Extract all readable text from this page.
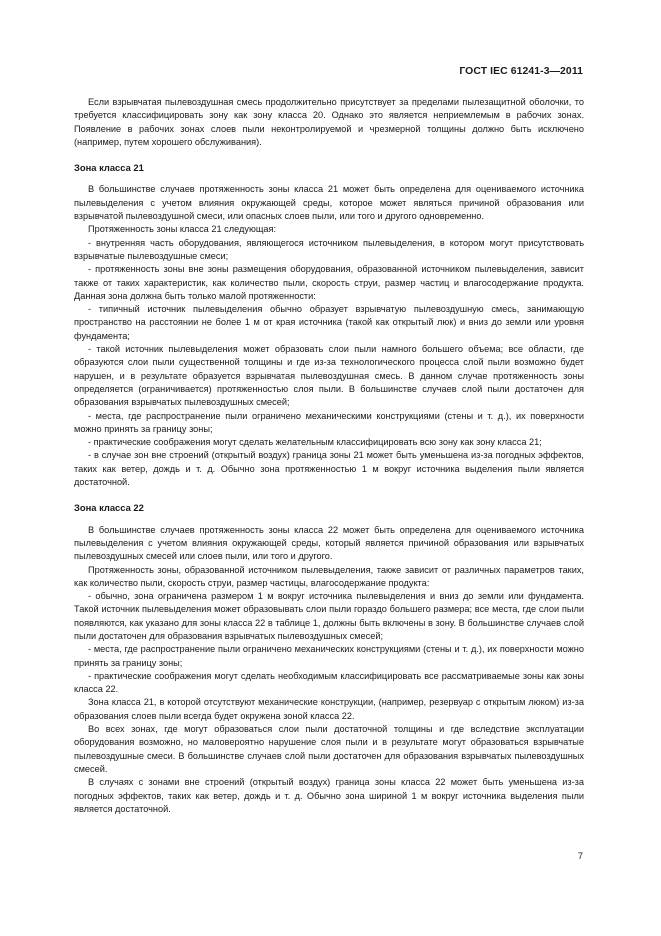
ГОСТ IEC 61241-3—2011

Если взрывчатая пылевоздушная смесь продолжительно присутствует за пределами пылезащитной оболочки, то требуется классифицировать зону как зону класса 20. Однако это является неприемлемым в рабочих зонах. Появление в рабочих зонах слоев пыли неконтролируемой и чрезмерной толщины должно быть исключено (например, путем хорошего обслуживания).

Зона класса 21

В большинстве случаев протяженность зоны класса 21 может быть определена для оцениваемого источника пылевыделения с учетом влияния окружающей среды, которое может являться причиной образования или взрывчатой пылевоздушной смеси, или опасных слоев пыли, или того и другого одновременно.

Протяженность зоны класса 21 следующая:

- внутренняя часть оборудования, являющегося источником пылевыделения, в котором могут присутствовать взрывчатые пылевоздушные смеси;

- протяженность зоны вне зоны размещения оборудования, образованной источником пылевыделения, зависит также от таких характеристик, как количество пыли, скорость струи, размер частиц и влагосодержание продукта. Данная зона должна быть только малой протяженности:

- типичный источник пылевыделения обычно образует взрывчатую пылевоздушную смесь, занимающую пространство на расстоянии не более 1 м от края источника (такой как открытый люк) и вниз до земли или уровня фундамента;

- такой источник пылевыделения может образовать слои пыли намного большего объема; все области, где образуются слои пыли существенной толщины и где из-за технологического процесса слой пыли возможно будет нарушен, и в результате образуется взрывчатая пылевоздушная смесь. В данном случае протяженность зоны определяется (ограничивается) протяженностью слоя пыли. В большинстве случаев слой пыли достаточен для образования взрывчатых пылевоздушных смесей;

- места, где распространение пыли ограничено механическими конструкциями (стены и т. д.), их поверхности можно принять за границу зоны;

- практические соображения могут сделать желательным классифицировать всю зону как зону класса 21;

- в случае зон вне строений (открытый воздух) граница зоны 21 может быть уменьшена из-за погодных эффектов, таких как ветер, дождь и т. д. Обычно зона протяженностью 1 м вокруг источника выделения пыли является достаточной.

Зона класса 22

В большинстве случаев протяженность зоны класса 22 может быть определена для оцениваемого источника пылевыделения с учетом влияния окружающей среды, который является причиной образования или взрывчатых пылевоздушных смесей или слоев пыли, или того и другого.

Протяженность зоны, образованной источником пылевыделения, также зависит от различных параметров таких, как количество пыли, скорость струи, размер частицы, влагосодержание продукта:

- обычно, зона ограничена размером 1 м вокруг источника пылевыделения и вниз до земли или фундамента. Такой источник пылевыделения может образовывать слои пыли гораздо большего размера; все места, где слои пыли появляются, как указано для зоны класса 22 в таблице 1, должны быть включены в зону. В большинстве случаев слой пыли достаточен для образования взрывчатых пылевоздушных смесей;

- места, где распространение пыли ограничено механических конструкциями (стены и т. д.), их поверхности можно принять за границу зоны;

- практические соображения могут сделать необходимым классифицировать все рассматриваемые зоны как зоны класса 22.

Зона класса 21, в которой отсутствуют механические конструкции, (например, резервуар с открытым люком) из-за образования слоев пыли всегда будет окружена зоной класса 22.

Во всех зонах, где могут образоваться слои пыли достаточной толщины и где вследствие эксплуатации оборудования возможно, но маловероятно нарушение слоя пыли и в результате могут образоваться взрывчатые пылевоздушные смеси. В большинстве случаев слой пыли достаточен для образования взрывчатых пылевоздушных смесей.

В случаях с зонами вне строений (открытый воздух) граница зоны класса 22 может быть уменьшена из-за погодных эффектов, таких как ветер, дождь и т. д. Обычно зона шириной 1 м вокруг источника выделения пыли является достаточной.

7
